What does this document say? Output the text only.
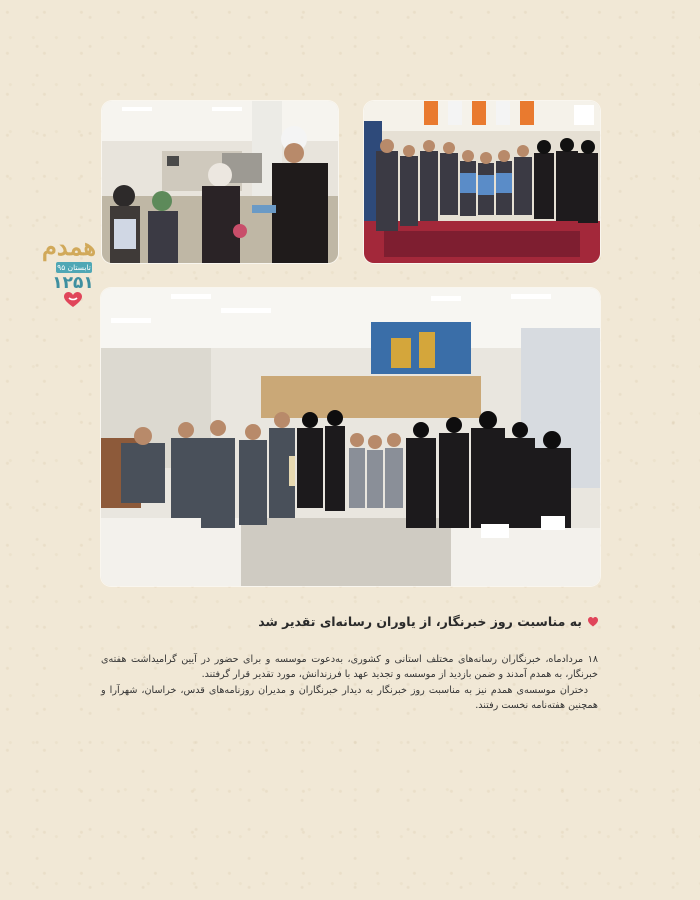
همدم
تابستان ۹۵
۱۲۵۱
به مناسبت روز خبرنگار، از یاوران رسانه‌ای تقدیر شد

۱۸ مردادماه، خبرنگاران رسانه‌های مختلف استانی و کشوری، به‌دعوت موسسه و برای حضور در آیین گرامیداشت هفته‌ی خبرنگار، به همدم آمدند و ضمن بازدید از موسسه و تجدید عهد با فرزندانش، مورد تقدیر قرار گرفتند.

دختران موسسه‌ی همدم نیز به مناسبت روز خبرنگار به دیدار خبرنگاران و مدیران روزنامه‌های قدس، خراسان، شهرآرا و همچنین هفته‌نامه نخست رفتند.
